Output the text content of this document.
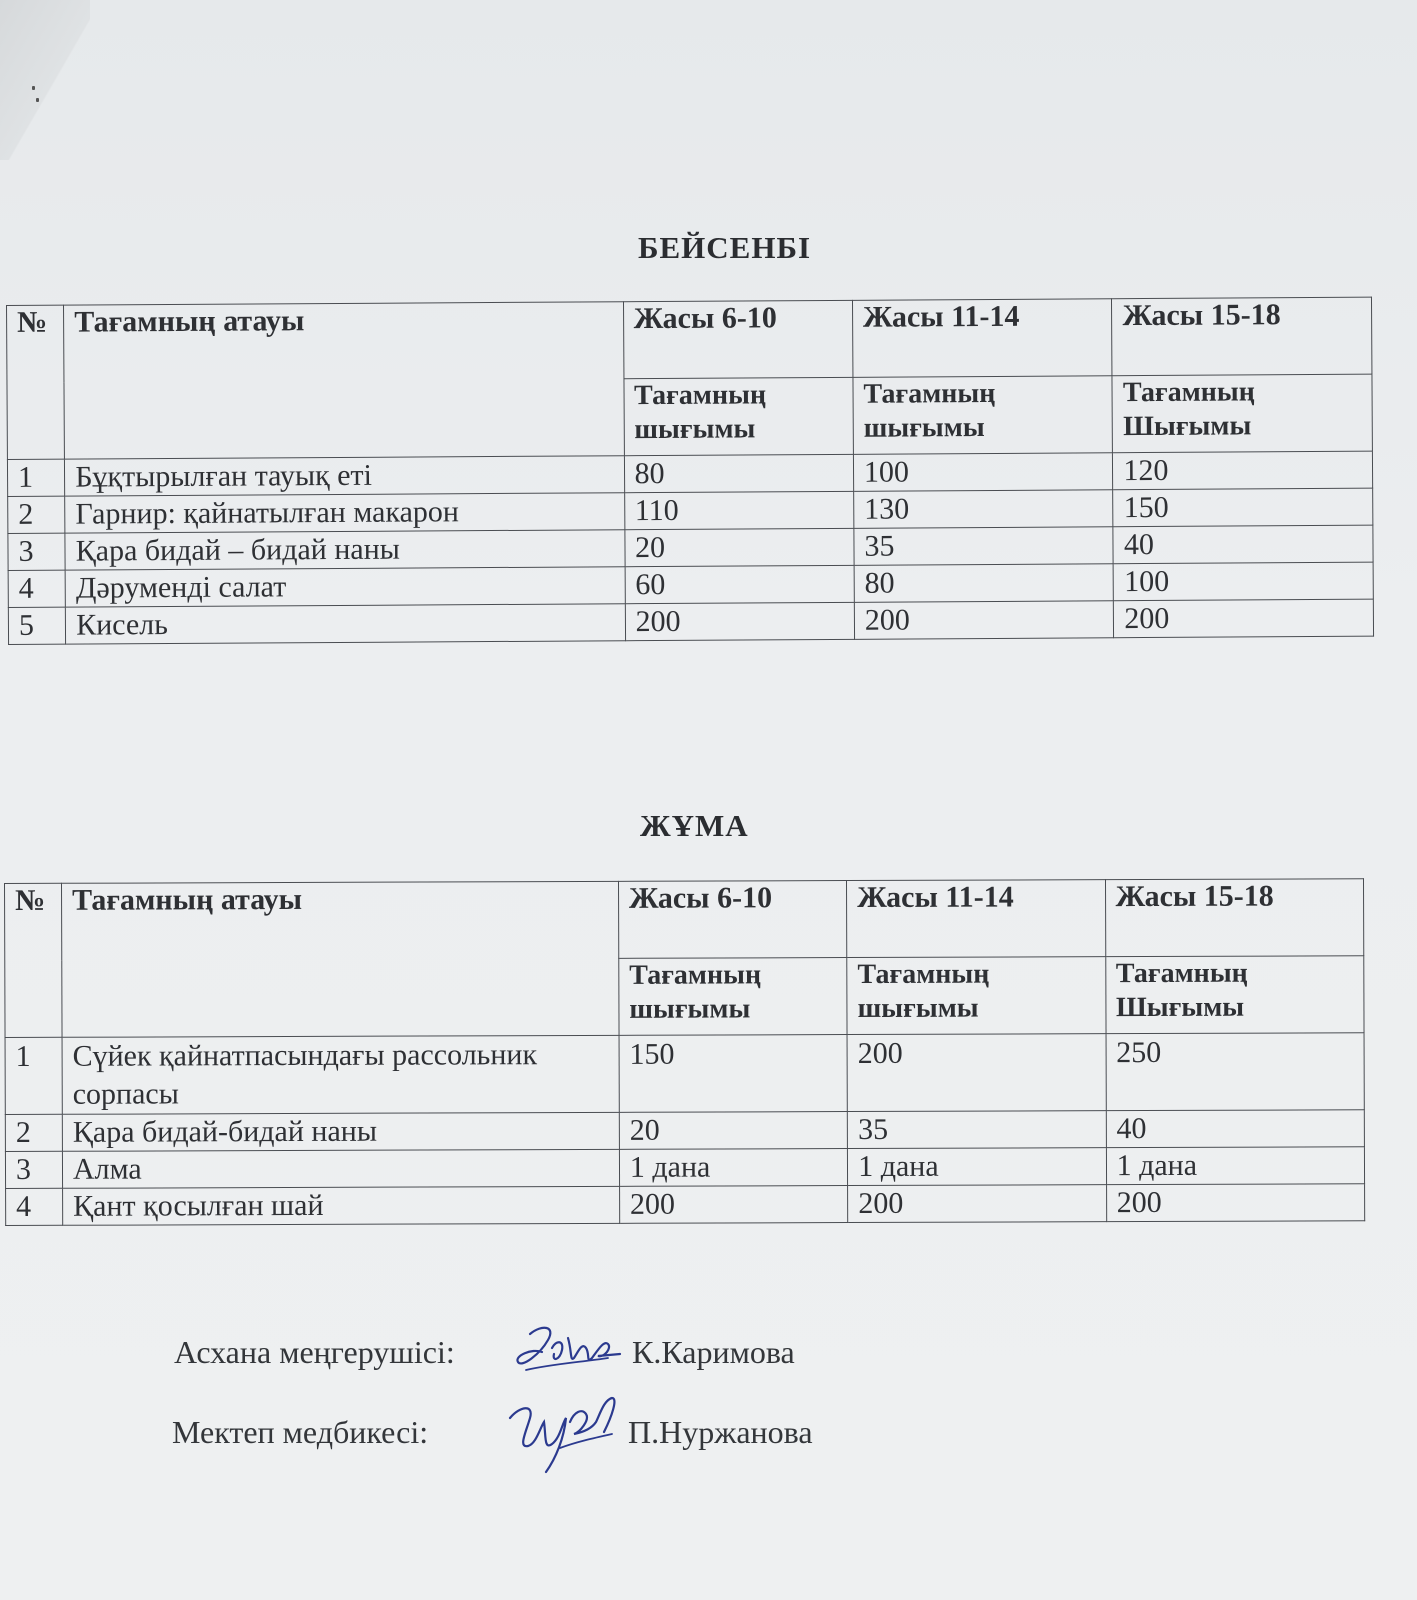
БЕЙСЕНБІ
№	Тағамның атауы	Жасы 6-10	Жасы 11-14	Жасы 15-18
		Тағамның шығымы	Тағамның шығымы	Тағамның Шығымы
1	Бұқтырылған тауық еті	80	100	120
2	Гарнир: қайнатылған макарон	110	130	150
3	Қара бидай – бидай наны	20	35	40
4	Дәруменді салат	60	80	100
5	Кисель	200	200	200
ЖҰМА
№	Тағамның атауы	Жасы 6-10	Жасы 11-14	Жасы 15-18
		Тағамның шығымы	Тағамның шығымы	Тағамның Шығымы
1	Сүйек қайнатпасындағы рассольник сорпасы	150	200	250
2	Қара бидай-бидай наны	20	35	40
3	Алма	1 дана	1 дана	1 дана
4	Қант қосылған шай	200	200	200
Асхана меңгерушісі:	К.Каримова
Мектеп медбикесі:	П.Нуржанова
